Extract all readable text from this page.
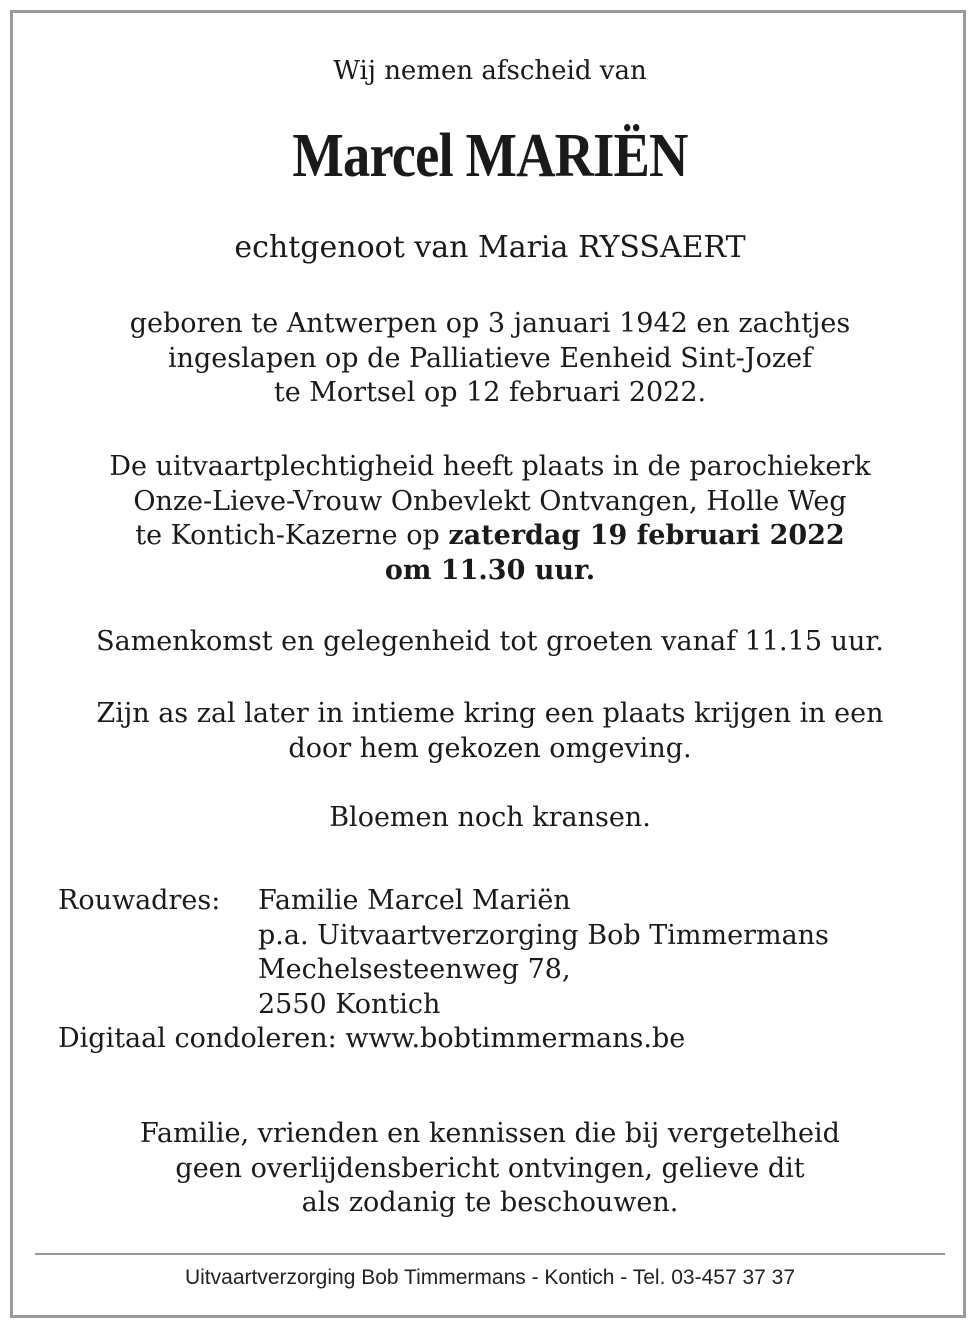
Wij nemen afscheid van
Marcel MARIËN
echtgenoot van Maria RYSSAERT
geboren te Antwerpen op 3 januari 1942 en zachtjes
ingeslapen op de Palliatieve Eenheid Sint-Jozef
te Mortsel op 12 februari 2022.
De uitvaartplechtigheid heeft plaats in de parochiekerk
Onze-Lieve-Vrouw Onbevlekt Ontvangen, Holle Weg
te Kontich-Kazerne op zaterdag 19 februari 2022
om 11.30 uur.
Samenkomst en gelegenheid tot groeten vanaf 11.15 uur.
Zijn as zal later in intieme kring een plaats krijgen in een
door hem gekozen omgeving.
Bloemen noch kransen.
Rouwadres:	Familie Marcel Mariën
p.a. Uitvaartverzorging Bob Timmermans
Mechelsesteenweg 78,
2550 Kontich
Digitaal condoleren: www.bobtimmermans.be
Familie, vrienden en kennissen die bij vergetelheid
geen overlijdensbericht ontvingen, gelieve dit
als zodanig te beschouwen.
Uitvaartverzorging Bob Timmermans - Kontich - Tel. 03-457 37 37
